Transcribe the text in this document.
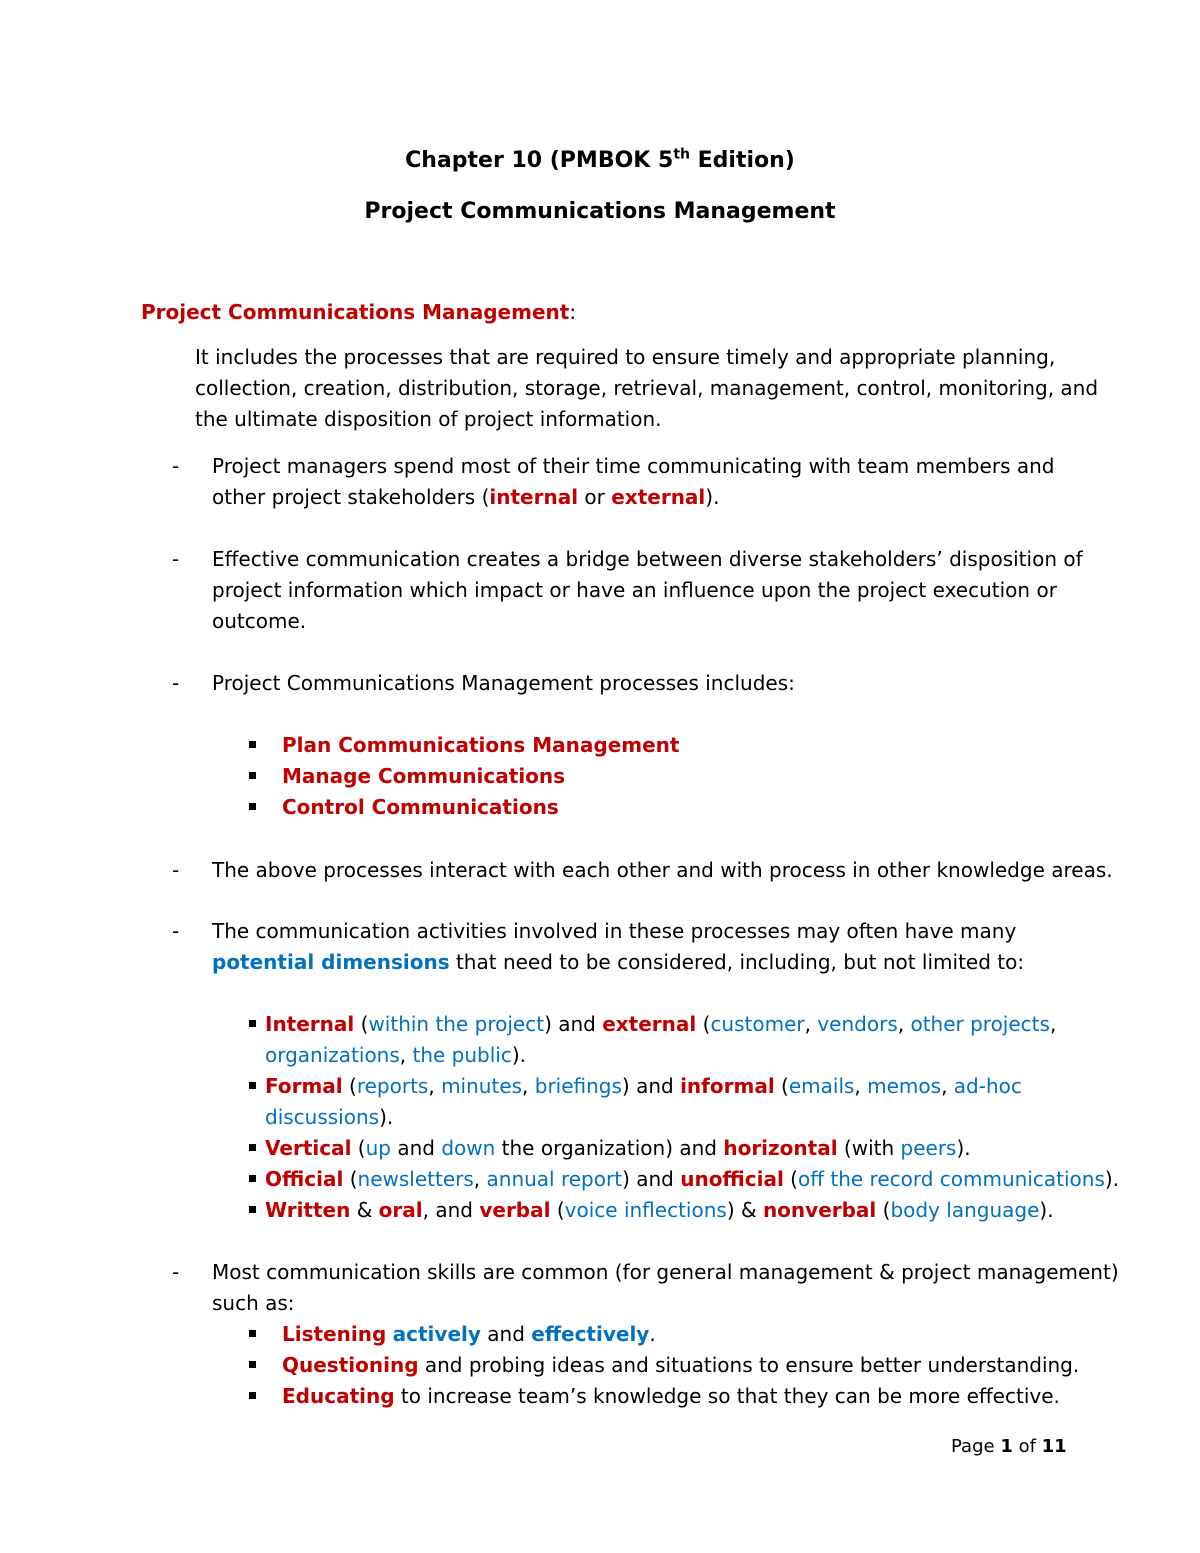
Chapter 10 (PMBOK 5th Edition)
Project Communications Management
Project Communications Management:
It includes the processes that are required to ensure timely and appropriate planning,
collection, creation, distribution, storage, retrieval, management, control, monitoring, and
the ultimate disposition of project information.
- Project managers spend most of their time communicating with team members and
other project stakeholders (internal or external).
- Effective communication creates a bridge between diverse stakeholders’ disposition of
project information which impact or have an influence upon the project execution or
outcome.
- Project Communications Management processes includes:
Plan Communications Management
Manage Communications
Control Communications
- The above processes interact with each other and with process in other knowledge areas.
- The communication activities involved in these processes may often have many
potential dimensions that need to be considered, including, but not limited to:
Internal (within the project) and external (customer, vendors, other projects,
organizations, the public).
Formal (reports, minutes, briefings) and informal (emails, memos, ad-hoc
discussions).
Vertical (up and down the organization) and horizontal (with peers).
Official (newsletters, annual report) and unofficial (off the record communications).
Written & oral, and verbal (voice inflections) & nonverbal (body language).
- Most communication skills are common (for general management & project management)
such as:
Listening actively and effectively.
Questioning and probing ideas and situations to ensure better understanding.
Educating to increase team’s knowledge so that they can be more effective.
Page 1 of 11
